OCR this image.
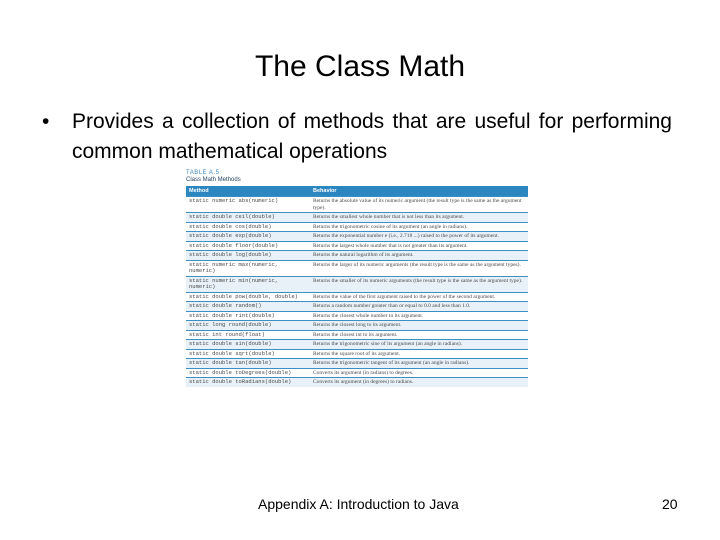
The Class Math
• Provides a collection of methods that are useful for performing common mathematical operations
TABLE A.5
Class Math Methods
Method	Behavior
static numeric abs(numeric)	Returns the absolute value of its numeric argument (the result type is the same as the argument type).
static double ceil(double)	Returns the smallest whole number that is not less than its argument.
static double cos(double)	Returns the trigonometric cosine of its argument (an angle in radians).
static double exp(double)	Returns the exponential number e (i.e., 2.718 ...) raised to the power of its argument.
static double floor(double)	Returns the largest whole number that is not greater than its argument.
static double log(double)	Returns the natural logarithm of its argument.
static numeric max(numeric, numeric)	Returns the larger of its numeric arguments (the result type is the same as the argument types).
static numeric min(numeric, numeric)	Returns the smaller of its numeric arguments (the result type is the same as the argument type).
static double pow(double, double)	Returns the value of the first argument raised to the power of the second argument.
static double random()	Returns a random number greater than or equal to 0.0 and less than 1.0.
static double rint(double)	Returns the closest whole number to its argument.
static long round(double)	Returns the closest long to its argument.
static int round(float)	Returns the closest int to its argument.
static double sin(double)	Returns the trigonometric sine of its argument (an angle in radians).
static double sqrt(double)	Returns the square root of its argument.
static double tan(double)	Returns the trigonometric tangent of its argument (an angle in radians).
static double toDegrees(double)	Converts its argument (in radians) to degrees.
static double toRadians(double)	Converts its argument (in degrees) to radians.
Appendix A: Introduction to Java	20
